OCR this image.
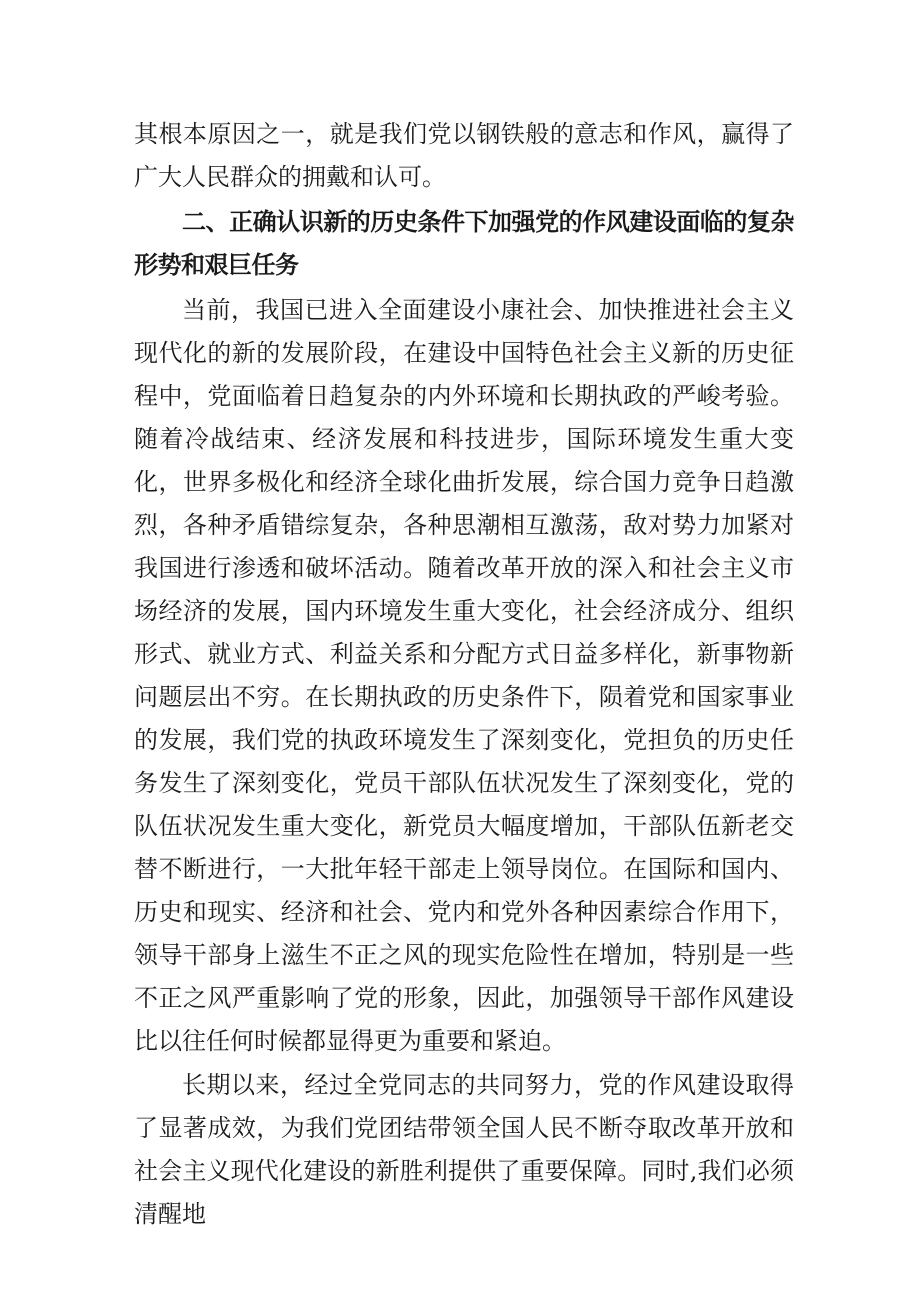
其根本原因之一，就是我们党以钢铁般的意志和作风，赢得了广大人民群众的拥戴和认可。

二、正确认识新的历史条件下加强党的作风建设面临的复杂形势和艰巨任务

当前，我国已进入全面建设小康社会、加快推进社会主义现代化的新的发展阶段，在建设中国特色社会主义新的历史征程中，党面临着日趋复杂的内外环境和长期执政的严峻考验。随着冷战结束、经济发展和科技进步，国际环境发生重大变化，世界多极化和经济全球化曲折发展，综合国力竞争日趋激烈，各种矛盾错综复杂，各种思潮相互激荡，敌对势力加紧对我国进行渗透和破坏活动。随着改革开放的深入和社会主义市场经济的发展，国内环境发生重大变化，社会经济成分、组织形式、就业方式、利益关系和分配方式日益多样化，新事物新问题层出不穷。在长期执政的历史条件下，陨着党和国家事业的发展，我们党的执政环境发生了深刻变化，党担负的历史任务发生了深刻变化，党员干部队伍状况发生了深刻变化，党的队伍状况发生重大变化，新党员大幅度增加，干部队伍新老交替不断进行，一大批年轻干部走上领导岗位。在国际和国内、历史和现实、经济和社会、党内和党外各种因素综合作用下，领导干部身上滋生不正之风的现实危险性在增加，特别是一些不正之风严重影响了党的形象，因此，加强领导干部作风建设比以往任何时候都显得更为重要和紧迫。

长期以来，经过全党同志的共同努力，党的作风建设取得了显著成效，为我们党团结带领全国人民不断夺取改革开放和社会主义现代化建设的新胜利提供了重要保障。同时,我们必须清醒地
